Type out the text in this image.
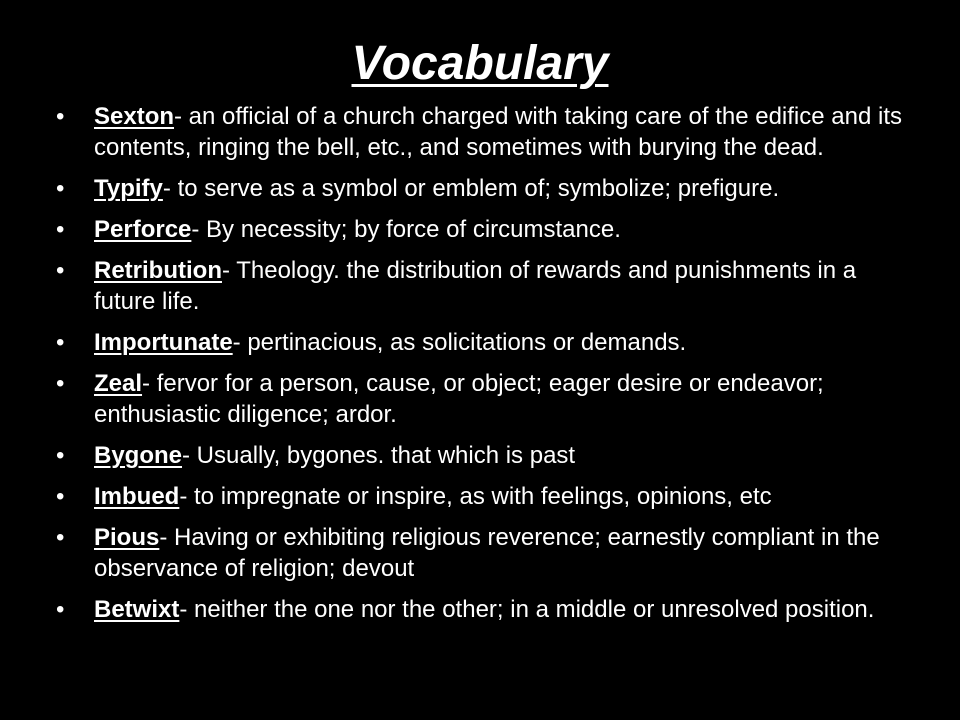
Vocabulary
•	Sexton- an official of a church charged with taking care of the edifice and its contents, ringing the bell, etc., and sometimes with burying the dead.
•	Typify- to serve as a symbol or emblem of; symbolize; prefigure.
•	Perforce- By necessity; by force of circumstance.
•	Retribution- Theology. the distribution of rewards and punishments in a future life.
•	Importunate- pertinacious, as solicitations or demands.
•	Zeal- fervor for a person, cause, or object; eager desire or endeavor; enthusiastic diligence; ardor.
•	Bygone- Usually, bygones. that which is past
•	Imbued- to impregnate or inspire, as with feelings, opinions, etc
•	Pious- Having or exhibiting religious reverence; earnestly compliant in the observance of religion; devout
•	Betwixt- neither the one nor the other; in a middle or unresolved position.
